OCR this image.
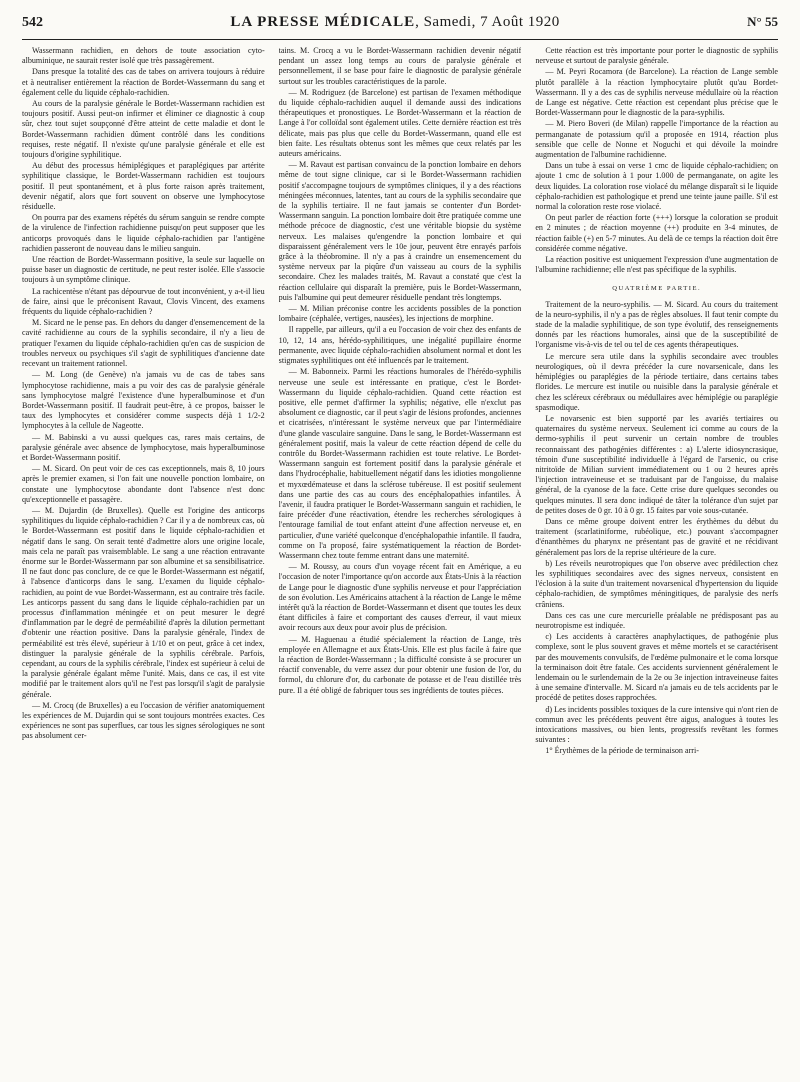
542	LA PRESSE MÉDICALE, Samedi, 7 Août 1920	N° 55

Wassermann rachidien, en dehors de toute association cyto-albuminique, ne saurait rester isolé que très passagèrement.

Dans presque la totalité des cas de tabes on arrivera toujours à réduire et à neutraliser entièrement la réaction de Bordet-Wassermann du sang et également celle du liquide céphalo-rachidien.

Au cours de la paralysie générale le Bordet-Wassermann rachidien est toujours positif. Aussi peut-on infirmer et éliminer ce diagnostic à coup sûr, chez tout sujet soupçonné d'être atteint de cette maladie et dont le Bordet-Wassermann rachidien dûment contrôlé dans les conditions requises, reste négatif. Il n'existe qu'une paralysie générale et elle est toujours d'origine syphilitique.

Au début des processus hémiplégiques et paraplégiques par artérite syphilitique classique, le Bordet-Wassermann rachidien est toujours positif. Il peut spontanément, et à plus forte raison après traitement, devenir négatif, alors que fort souvent on observe une lymphocytose résiduelle.

On pourra par des examens répétés du sérum sanguin se rendre compte de la virulence de l'infection rachidienne puisqu'on peut supposer que les anticorps provoqués dans le liquide céphalo-rachidien par l'antigène rachidien passeront de nouveau dans le milieu sanguin.

Une réaction de Bordet-Wassermann positive, la seule sur laquelle on puisse baser un diagnostic de certitude, ne peut rester isolée. Elle s'associe toujours à un symptôme clinique.

La rachicentèse n'étant pas dépourvue de tout inconvénient, y a-t-il lieu de faire, ainsi que le préconisent Ravaut, Clovis Vincent, des examens fréquents du liquide céphalo-rachidien ?

M. Sicard ne le pense pas. En dehors du danger d'ensemencement de la cavité rachidienne au cours de la syphilis secondaire, il n'y a lieu de pratiquer l'examen du liquide céphalo-rachidien qu'en cas de suspicion de troubles nerveux ou psychiques s'il s'agit de syphilitiques d'ancienne date recevant un traitement rationnel.

— M. Long (de Genève) n'a jamais vu de cas de tabes sans lymphocytose rachidienne, mais a pu voir des cas de paralysie générale sans lymphocytose malgré l'existence d'une hyperalbuminose et d'un Bordet-Wassermann positif. Il faudrait peut-être, à ce propos, baisser le taux des lymphocytes et considérer comme suspects déjà 1 1/2-2 lymphocytes à la cellule de Nageotte.

— M. Babinski a vu aussi quelques cas, rares mais certains, de paralysie générale avec absence de lymphocytose, mais hyperalbuminose et Bordet-Wassermann positif.

— M. Sicard. On peut voir de ces cas exceptionnels, mais 8, 10 jours après le premier examen, si l'on fait une nouvelle ponction lombaire, on constate une lymphocytose abondante dont l'absence n'est donc qu'exceptionnelle et passagère.

— M. Dujardin (de Bruxelles). Quelle est l'origine des anticorps syphilitiques du liquide céphalo-rachidien ? Car il y a de nombreux cas, où le Bordet-Wassermann est positif dans le liquide céphalo-rachidien et négatif dans le sang. On serait tenté d'admettre alors une origine locale, mais cela ne paraît pas vraisemblable. Le sang a une réaction entravante énorme sur le Bordet-Wassermann par son albumine et sa sensibilisatrice. Il ne faut donc pas conclure, de ce que le Bordet-Wassermann est négatif, à l'absence d'anticorps dans le sang. L'examen du liquide céphalo-rachidien, au point de vue Bordet-Wassermann, est au contraire très facile. Les anticorps passent du sang dans le liquide céphalo-rachidien par un processus d'inflammation méningée et on peut mesurer le degré d'inflammation par le degré de perméabilité d'après la dilution permettant d'obtenir une réaction positive. Dans la paralysie générale, l'index de perméabilité est très élevé, supérieur à 1/10 et on peut, grâce à cet index, distinguer la paralysie générale de la syphilis cérébrale. Parfois, cependant, au cours de la syphilis cérébrale, l'index est supérieur à celui de la paralysie générale égalant même l'unité. Mais, dans ce cas, il est vite modifié par le traitement alors qu'il ne l'est pas lorsqu'il s'agit de paralysie générale.

— M. Crocq (de Bruxelles) a eu l'occasion de vérifier anatomiquement les expériences de M. Dujardin qui se sont toujours montrées exactes. Ces expériences ne sont pas superflues, car tous les signes sérologiques ne sont pas absolument cer-

tains. M. Crocq a vu le Bordet-Wassermann rachidien devenir négatif pendant un assez long temps au cours de paralysie générale et personnellement, il se base pour faire le diagnostic de paralysie générale surtout sur les troubles caractéristiques de la parole.

— M. Rodriguez (de Barcelone) est partisan de l'examen méthodique du liquide céphalo-rachidien auquel il demande aussi des indications thérapeutiques et pronostiques. Le Bordet-Wassermann et la réaction de Lange à l'or colloïdal sont également utiles. Cette dernière réaction est très délicate, mais pas plus que celle du Bordet-Wassermann, quand elle est bien faite. Les résultats obtenus sont les mêmes que ceux relatés par les auteurs américains.

— M. Ravaut est partisan convaincu de la ponction lombaire en dehors même de tout signe clinique, car si le Bordet-Wassermann rachidien positif s'accompagne toujours de symptômes cliniques, il y a des réactions méningées méconnues, latentes, tant au cours de la syphilis secondaire que de la syphilis tertiaire. Il ne faut jamais se contenter d'un Bordet-Wassermann sanguin. La ponction lombaire doit être pratiquée comme une méthode précoce de diagnostic, c'est une véritable biopsie du système nerveux. Les malaises qu'engendre la ponction lombaire et qui disparaissent généralement vers le 10e jour, peuvent être enrayés parfois grâce à la théobromine. Il n'y a pas à craindre un ensemencement du système nerveux par la piqûre d'un vaisseau au cours de la syphilis secondaire. Chez les malades traités, M. Ravaut a constaté que c'est la réaction cellulaire qui disparaît la première, puis le Bordet-Wassermann, puis l'albumine qui peut demeurer résiduelle pendant très longtemps.

— M. Milian préconise contre les accidents possibles de la ponction lombaire (céphalée, vertiges, nausées), les injections de morphine.

Il rappelle, par ailleurs, qu'il a eu l'occasion de voir chez des enfants de 10, 12, 14 ans, hérédo-syphilitiques, une inégalité pupillaire énorme permanente, avec liquide céphalo-rachidien absolument normal et dont les stigmates syphilitiques ont été influencés par le traitement.

— M. Babonneix. Parmi les réactions humorales de l'hérédo-syphilis nerveuse une seule est intéressante en pratique, c'est le Bordet-Wassermann du liquide céphalo-rachidien. Quand cette réaction est positive, elle permet d'affirmer la syphilis; négative, elle n'exclut pas absolument ce diagnostic, car il peut s'agir de lésions profondes, anciennes et cicatrisées, n'intéressant le système nerveux que par l'intermédiaire d'une glande vasculaire sanguine. Dans le sang, le Bordet-Wassermann est généralement positif, mais la valeur de cette réaction dépend de celle du contrôle du Bordet-Wassermann rachidien est toute relative. Le Bordet-Wassermann sanguin est fortement positif dans la paralysie générale et dans l'hydrocéphalie, habituellement négatif dans les idioties mongolienne et myxœdémateuse et dans la sclérose tubéreuse. Il est positif seulement dans une partie des cas au cours des encéphalopathies infantiles. À l'avenir, il faudra pratiquer le Bordet-Wassermann sanguin et rachidien, le faire précéder d'une réactivation, étendre les recherches sérologiques à l'entourage familial de tout enfant atteint d'une affection nerveuse et, en particulier, d'une variété quelconque d'encéphalopathie infantile. Il faudra, comme on l'a proposé, faire systématiquement la réaction de Bordet-Wassermann chez toute femme entrant dans une maternité.

— M. Roussy, au cours d'un voyage récent fait en Amérique, a eu l'occasion de noter l'importance qu'on accorde aux États-Unis à la réaction de Lange pour le diagnostic d'une syphilis nerveuse et pour l'appréciation de son évolution. Les Américains attachent à la réaction de Lange le même intérêt qu'à la réaction de Bordet-Wassermann et disent que toutes les deux étant difficiles à faire et comportant des causes d'erreur, il vaut mieux avoir recours aux deux pour avoir plus de précision.

— M. Haguenau a étudié spécialement la réaction de Lange, très employée en Allemagne et aux États-Unis. Elle est plus facile à faire que la réaction de Bordet-Wassermann ; la difficulté consiste à se procurer un réactif convenable, du verre assez dur pour obtenir une fusion de l'or, du formol, du chlorure d'or, du carbonate de potasse et de l'eau distillée très pure. Il a été obligé de fabriquer tous ses ingrédients de toutes pièces.

Cette réaction est très importante pour porter le diagnostic de syphilis nerveuse et surtout de paralysie générale.

— M. Peyri Rocamora (de Barcelone). La réaction de Lange semble plutôt parallèle à la réaction lymphocytaire plutôt qu'au Bordet-Wassermann. Il y a des cas de syphilis nerveuse médullaire où la réaction de Lange est négative. Cette réaction est cependant plus précise que le Bordet-Wassermann pour le diagnostic de la para-syphilis.

— M. Piero Boveri (de Milan) rappelle l'importance de la réaction au permanganate de potassium qu'il a proposée en 1914, réaction plus sensible que celle de Nonne et Noguchi et qui dévoile la moindre augmentation de l'albumine rachidienne.

Dans un tube à essai on verse 1 cmc de liquide céphalo-rachidien; on ajoute 1 cmc de solution à 1 pour 1.000 de permanganate, on agite les deux liquides. La coloration rose violacé du mélange disparaît si le liquide céphalo-rachidien est pathologique et prend une teinte jaune paille. S'il est normal la coloration reste rose violacé.

On peut parler de réaction forte (+++) lorsque la coloration se produit en 2 minutes ; de réaction moyenne (++) produite en 3-4 minutes, de réaction faible (+) en 5-7 minutes. Au delà de ce temps la réaction doit être considérée comme négative.

La réaction positive est uniquement l'expression d'une augmentation de l'albumine rachidienne; elle n'est pas spécifique de la syphilis.

QUATRIÈME PARTIE.

Traitement de la neuro-syphilis. — M. Sicard. Au cours du traitement de la neuro-syphilis, il n'y a pas de règles absolues. Il faut tenir compte du stade de la maladie syphilitique, de son type évolutif, des renseignements donnés par les réactions humorales, ainsi que de la susceptibilité de l'organisme vis-à-vis de tel ou tel de ces agents thérapeutiques.

Le mercure sera utile dans la syphilis secondaire avec troubles neurologiques, où il devra précéder la cure novarsenicale, dans les hémiplégies ou paraplégies de la période tertiaire, dans certains tabes florides. Le mercure est inutile ou nuisible dans la paralysie générale et chez les scléreux cérébraux ou médullaires avec hémiplégie ou paraplégie spasmodique.

Le novarsenic est bien supporté par les avariés tertiaires ou quaternaires du système nerveux. Seulement ici comme au cours de la dermo-syphilis il peut survenir un certain nombre de troubles reconnaissant des pathogénies différentes : a) L'alerte idiosyncrasique, témoin d'une susceptibilité individuelle à l'égard de l'arsenic, ou crise nitritoïde de Milian survient immédiatement ou 1 ou 2 heures après l'injection intraveineuse et se traduisant par de l'angoisse, du malaise général, de la cyanose de la face. Cette crise dure quelques secondes ou quelques minutes. Il sera donc indiqué de tâter la tolérance d'un sujet par de petites doses de 0 gr. 10 à 0 gr. 15 faites par voie sous-cutanée.

Dans ce même groupe doivent entrer les érythèmes du début du traitement (scarlatiniforme, rubéolique, etc.) pouvant s'accompagner d'énanthèmes du pharynx ne présentant pas de gravité et ne récidivant généralement pas lors de la reprise ultérieure de la cure.

b) Les réveils neurotropiques que l'on observe avec prédilection chez les syphilitiques secondaires avec des signes nerveux, consistent en l'éclosion à la suite d'un traitement novarsenical d'hypertension du liquide céphalo-rachidien, de symptômes méningitiques, de paralysie des nerfs crâniens.

Dans ces cas une cure mercurielle préalable ne prédisposant pas au neurotropisme est indiquée.

c) Les accidents à caractères anaphylactiques, de pathogénie plus complexe, sont le plus souvent graves et même mortels et se caractérisent par des mouvements convulsifs, de l'œdème pulmonaire et le coma lorsque la terminaison doit être fatale. Ces accidents surviennent généralement le lendemain ou le surlendemain de la 2e ou 3e injection intraveineuse faites à une semaine d'intervalle. M. Sicard n'a jamais eu de tels accidents par le procédé de petites doses rapprochées.

d) Les incidents possibles toxiques de la cure intensive qui n'ont rien de commun avec les précédents peuvent être aigus, analogues à toutes les intoxications massives, ou bien lents, progressifs revêtant les formes suivantes :

1° Érythèmes de la période de terminaison arri-
